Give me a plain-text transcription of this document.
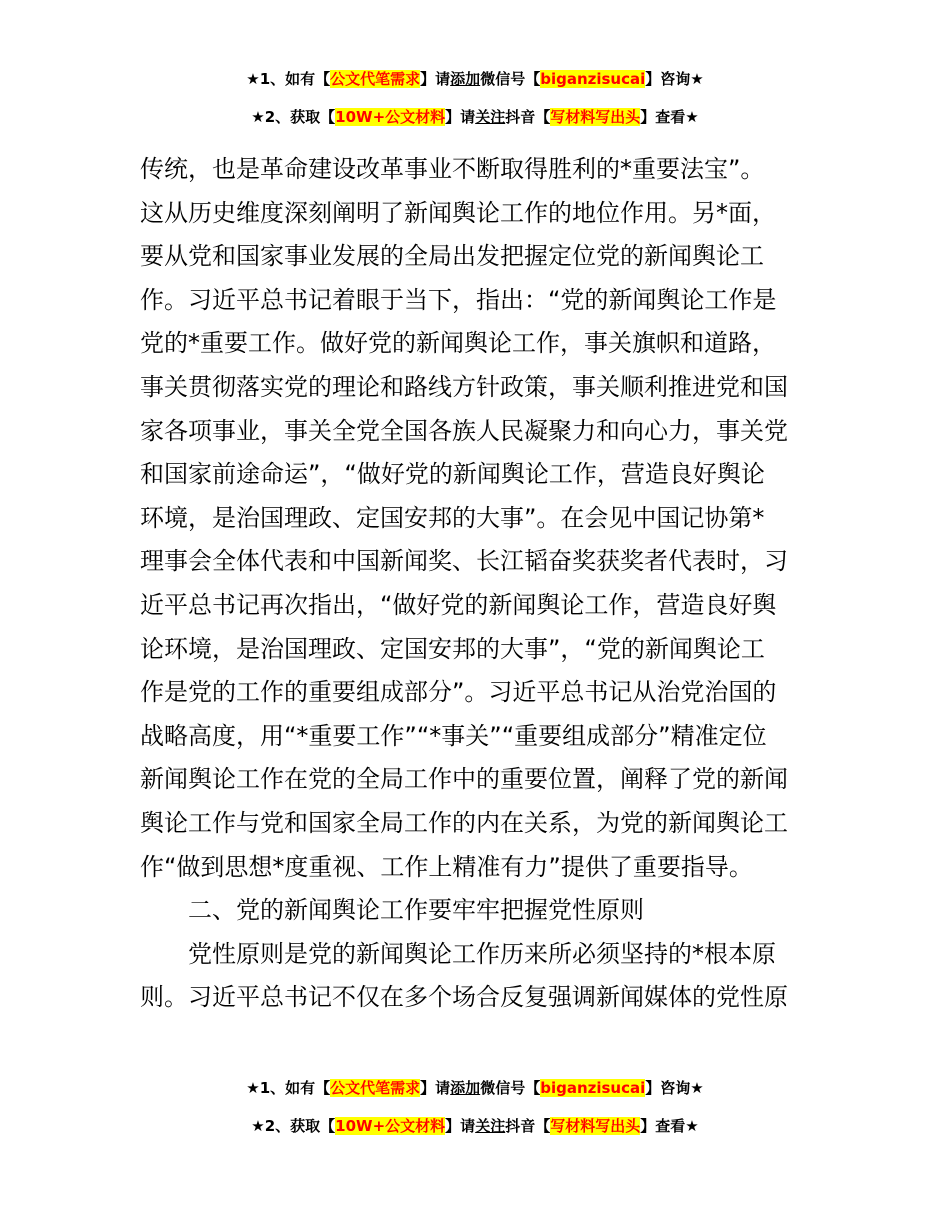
★1、如有【公文代笔需求】请添加微信号【biganzisucai】咨询★
★2、获取【10W+公文材料】请关注抖音【写材料写出头】查看★
传统，也是革命建设改革事业不断取得胜利的*重要法宝”。
这从历史维度深刻阐明了新闻舆论工作的地位作用。另*面，
要从党和国家事业发展的全局出发把握定位党的新闻舆论工
作。习近平总书记着眼于当下，指出：“党的新闻舆论工作是
党的*重要工作。做好党的新闻舆论工作，事关旗帜和道路，
事关贯彻落实党的理论和路线方针政策，事关顺利推进党和国
家各项事业，事关全党全国各族人民凝聚力和向心力，事关党
和国家前途命运”，“做好党的新闻舆论工作，营造良好舆论
环境，是治国理政、定国安邦的大事”。在会见中国记协第*
理事会全体代表和中国新闻奖、长江韬奋奖获奖者代表时，习
近平总书记再次指出，“做好党的新闻舆论工作，营造良好舆
论环境，是治国理政、定国安邦的大事”，“党的新闻舆论工
作是党的工作的重要组成部分”。习近平总书记从治党治国的
战略高度，用“*重要工作”“*事关”“重要组成部分”精准定位
新闻舆论工作在党的全局工作中的重要位置，阐释了党的新闻
舆论工作与党和国家全局工作的内在关系，为党的新闻舆论工
作“做到思想*度重视、工作上精准有力”提供了重要指导。
二、党的新闻舆论工作要牢牢把握党性原则
党性原则是党的新闻舆论工作历来所必须坚持的*根本原
则。习近平总书记不仅在多个场合反复强调新闻媒体的党性原
★1、如有【公文代笔需求】请添加微信号【biganzisucai】咨询★
★2、获取【10W+公文材料】请关注抖音【写材料写出头】查看★
